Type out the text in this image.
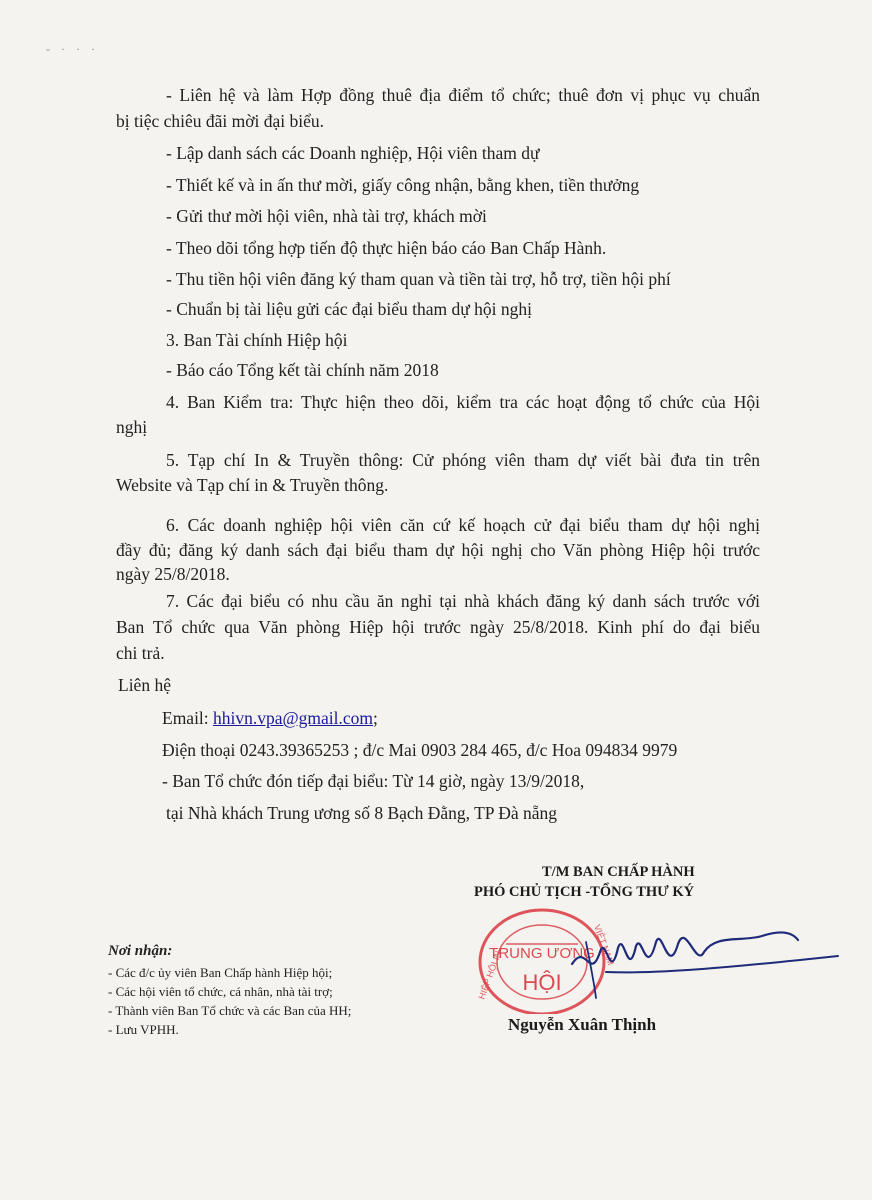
- · · ·
- Liên hệ và làm Hợp đồng thuê địa điểm tổ chức; thuê đơn vị phục vụ chuẩn
bị tiệc chiêu đãi mời đại biểu.
- Lập danh sách các Doanh nghiệp, Hội viên tham dự
- Thiết kế và in ấn thư mời, giấy công nhận, bằng khen, tiền thưởng
- Gửi thư mời hội viên, nhà tài trợ, khách mời
- Theo dõi tổng hợp tiến độ thực hiện báo cáo Ban Chấp Hành.
- Thu tiền hội viên đăng ký tham quan và tiền tài trợ, hỗ trợ, tiền hội phí
- Chuẩn bị tài liệu gửi các đại biểu tham dự hội nghị
3. Ban Tài chính Hiệp hội
- Báo cáo Tổng kết tài chính năm 2018
4. Ban Kiểm tra: Thực hiện theo dõi, kiểm tra các hoạt động tổ chức của Hội
nghị
5. Tạp chí In & Truyền thông: Cử phóng viên tham dự viết bài đưa tin trên
Website và Tạp chí in & Truyền thông.
6. Các doanh nghiệp hội viên căn cứ kế hoạch cử đại biểu tham dự hội nghị
đầy đủ; đăng ký danh sách đại biểu tham dự hội nghị cho Văn phòng Hiệp hội trước
ngày 25/8/2018.
7. Các đại biểu có nhu cầu ăn nghỉ tại nhà khách đăng ký danh sách trước với
Ban Tổ chức qua Văn phòng Hiệp hội trước ngày 25/8/2018. Kinh phí do đại biểu
chi trả.
Liên hệ
Email: hhivn.vpa@gmail.com;
Điện thoại 0243.39365253 ; đ/c Mai 0903 284 465, đ/c Hoa 094834 9979
- Ban Tổ chức đón tiếp đại biểu: Từ 14 giờ, ngày 13/9/2018,
tại Nhà khách Trung ương số 8 Bạch Đằng, TP Đà nẵng
T/M BAN CHẤP HÀNH
PHÓ CHỦ TỊCH -TỔNG THƯ KÝ
TRUNG ƯƠNG
HỘI
HIỆP HỘI IN
VIỆT NAM
Nguyễn Xuân Thịnh
Nơi nhận:
- Các đ/c ủy viên Ban Chấp hành Hiệp hội;
- Các hội viên tổ chức, cá nhân, nhà tài trợ;
- Thành viên Ban Tổ chức và các Ban của HH;
- Lưu VPHH.
